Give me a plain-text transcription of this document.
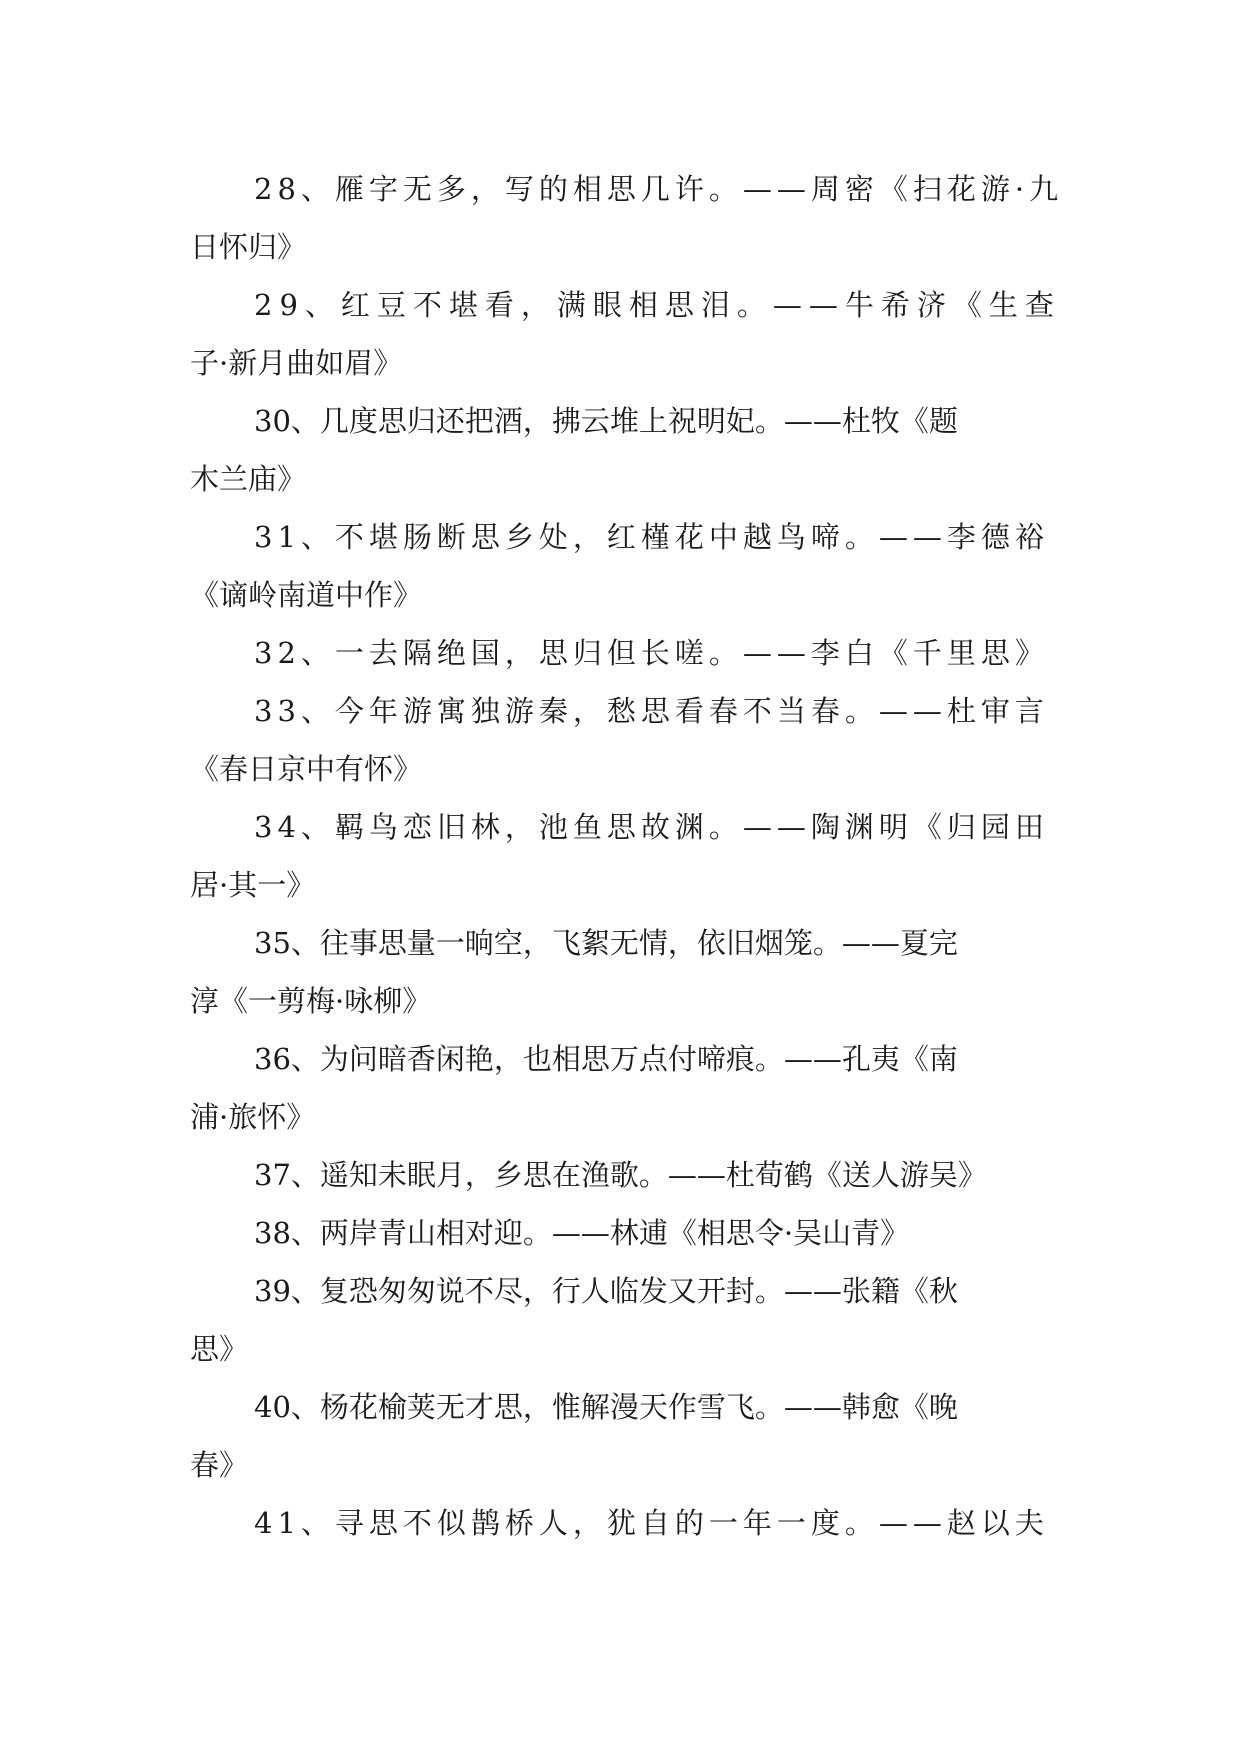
28、雁字无多，写的相思几许。——周密《扫花游·九
日怀归》
29、红豆不堪看，满眼相思泪。——牛希济《生查
子·新月曲如眉》
30、几度思归还把酒，拂云堆上祝明妃。——杜牧《题
木兰庙》
31、不堪肠断思乡处，红槿花中越鸟啼。——李德裕
《谪岭南道中作》
32、一去隔绝国，思归但长嗟。——李白《千里思》
33、今年游寓独游秦，愁思看春不当春。——杜审言
《春日京中有怀》
34、羁鸟恋旧林，池鱼思故渊。——陶渊明《归园田
居·其一》
35、往事思量一晌空，飞絮无情，依旧烟笼。——夏完
淳《一剪梅·咏柳》
36、为问暗香闲艳，也相思万点付啼痕。——孔夷《南
浦·旅怀》
37、遥知未眠月，乡思在渔歌。——杜荀鹤《送人游吴》
38、两岸青山相对迎。——林逋《相思令·吴山青》
39、复恐匆匆说不尽，行人临发又开封。——张籍《秋
思》
40、杨花榆荚无才思，惟解漫天作雪飞。——韩愈《晚
春》
41、寻思不似鹊桥人，犹自的一年一度。——赵以夫
